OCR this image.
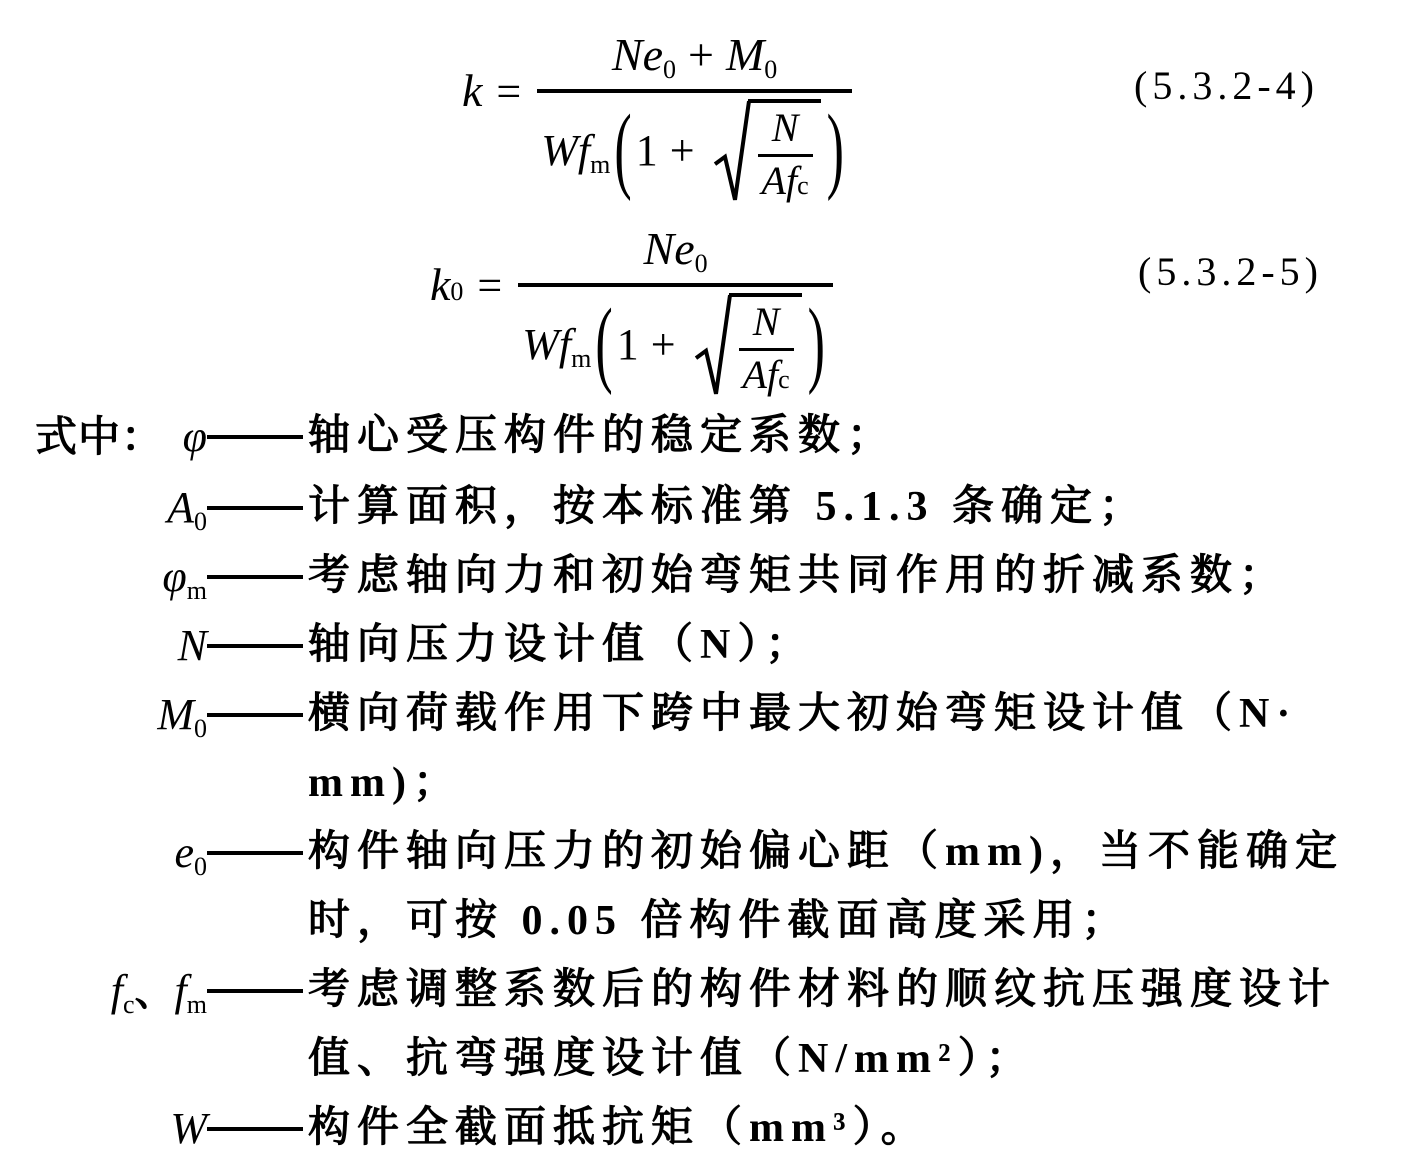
k =
$Ne_0 + M_0$
$Wf_m$ ( 1 + N
Af c )
(5.3.2-4)
k 0 =
$Ne_0$
$Wf_m$ ( 1 + N
Af c )
(5.3.2-5)
式中： φ 轴心受压构件的稳定系数；
$A_0$ 计算面积，按本标准第 5.1.3 条确定；
$\varphi_m$ 考虑轴向力和初始弯矩共同作用的折减系数；
N 轴向压力设计值（N）；
$M_0$ 横向荷载作用下跨中最大初始弯矩设计值（N·
mm)；
$e_0$ 构件轴向压力的初始偏心距（mm)，当不能确定
时，可按 0.05 倍构件截面高度采用；
$f_c$ 、 $f_m$ 考虑调整系数后的构件材料的顺纹抗压强度设计
值、抗弯强度设计值（N/mm²）；
W 构件全截面抵抗矩（mm³）。
